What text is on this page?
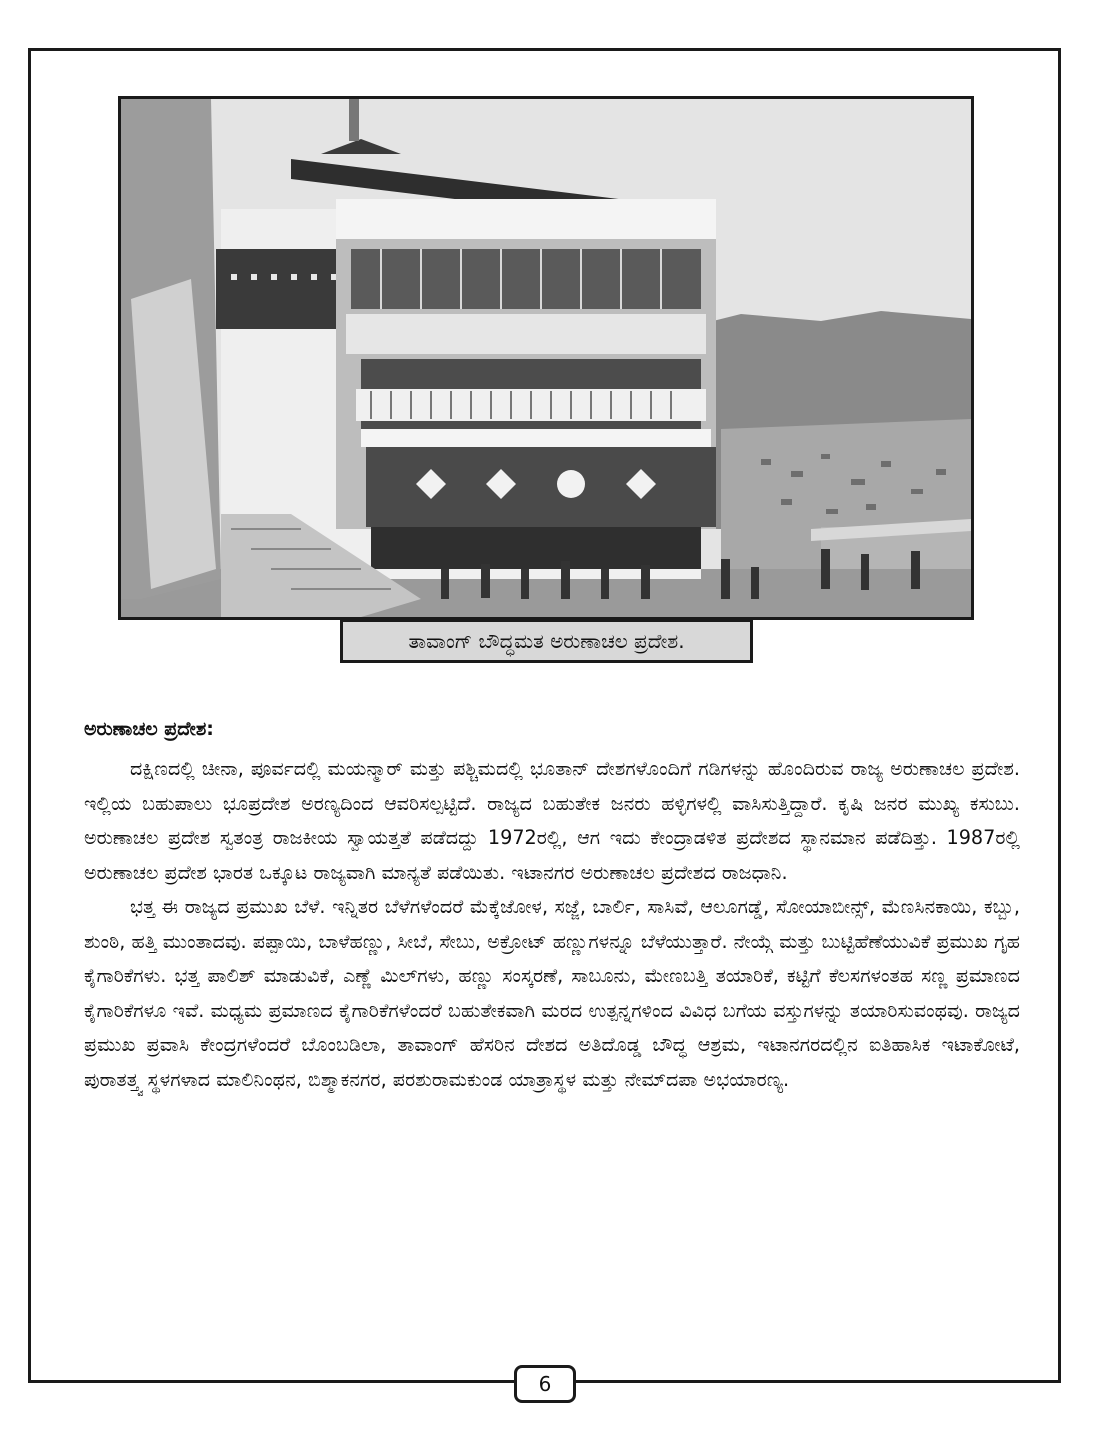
ತಾವಾಂಗ್ ಬೌದ್ಧಮತ ಅರುಣಾಚಲ ಪ್ರದೇಶ.
ಅರುಣಾಚಲ ಪ್ರದೇಶ:

ದಕ್ಷಿಣದಲ್ಲಿ ಚೀನಾ, ಪೂರ್ವದಲ್ಲಿ ಮಯನ್ಮಾರ್ ಮತ್ತು ಪಶ್ಚಿಮದಲ್ಲಿ ಭೂತಾನ್ ದೇಶಗಳೊಂದಿಗೆ ಗಡಿಗಳನ್ನು ಹೊಂದಿರುವ ರಾಜ್ಯ ಅರುಣಾಚಲ ಪ್ರದೇಶ. ಇಲ್ಲಿಯ ಬಹುಪಾಲು ಭೂಪ್ರದೇಶ ಅರಣ್ಯದಿಂದ ಆವರಿಸಲ್ಪಟ್ಟಿದೆ. ರಾಜ್ಯದ ಬಹುತೇಕ ಜನರು ಹಳ್ಳಿಗಳಲ್ಲಿ ವಾಸಿಸುತ್ತಿದ್ದಾರೆ. ಕೃಷಿ ಜನರ ಮುಖ್ಯ ಕಸುಬು. ಅರುಣಾಚಲ ಪ್ರದೇಶ ಸ್ವತಂತ್ರ ರಾಜಕೀಯ ಸ್ವಾಯತ್ತತೆ ಪಡೆದದ್ದು 1972ರಲ್ಲಿ, ಆಗ ಇದು ಕೇಂದ್ರಾಡಳಿತ ಪ್ರದೇಶದ ಸ್ಥಾನಮಾನ ಪಡೆದಿತ್ತು. 1987ರಲ್ಲಿ ಅರುಣಾಚಲ ಪ್ರದೇಶ ಭಾರತ ಒಕ್ಕೂಟ ರಾಜ್ಯವಾಗಿ ಮಾನ್ಯತೆ ಪಡೆಯಿತು. ಇಟಾನಗರ ಅರುಣಾಚಲ ಪ್ರದೇಶದ ರಾಜಧಾನಿ.

ಭತ್ತ ಈ ರಾಜ್ಯದ ಪ್ರಮುಖ ಬೆಳೆ. ಇನ್ನಿತರ ಬೆಳೆಗಳೆಂದರೆ ಮೆಕ್ಕೆಜೋಳ, ಸಜ್ಜೆ, ಬಾರ್ಲಿ, ಸಾಸಿವೆ, ಆಲೂಗಡ್ಡೆ, ಸೋಯಾಬೀನ್ಸ್, ಮೆಣಸಿನಕಾಯಿ, ಕಬ್ಬು, ಶುಂಠಿ, ಹತ್ತಿ ಮುಂತಾದವು. ಪಪ್ಪಾಯಿ, ಬಾಳೆಹಣ್ಣು, ಸೀಬೆ, ಸೇಬು, ಅಕ್ರೋಟ್ ಹಣ್ಣುಗಳನ್ನೂ ಬೆಳೆಯುತ್ತಾರೆ. ನೇಯ್ಗೆ ಮತ್ತು ಬುಟ್ಟಿಹೆಣೆಯುವಿಕೆ ಪ್ರಮುಖ ಗೃಹ ಕೈಗಾರಿಕೆಗಳು. ಭತ್ತ ಪಾಲಿಶ್ ಮಾಡುವಿಕೆ, ಎಣ್ಣೆ ಮಿಲ್‌ಗಳು, ಹಣ್ಣು ಸಂಸ್ಕರಣೆ, ಸಾಬೂನು, ಮೇಣಬತ್ತಿ ತಯಾರಿಕೆ, ಕಟ್ಟಿಗೆ ಕೆಲಸಗಳಂತಹ ಸಣ್ಣ ಪ್ರಮಾಣದ ಕೈಗಾರಿಕೆಗಳೂ ಇವೆ. ಮಧ್ಯಮ ಪ್ರಮಾಣದ ಕೈಗಾರಿಕೆಗಳೆಂದರೆ ಬಹುತೇಕವಾಗಿ ಮರದ ಉತ್ಪನ್ನಗಳಿಂದ ವಿವಿಧ ಬಗೆಯ ವಸ್ತುಗಳನ್ನು ತಯಾರಿಸುವಂಥವು. ರಾಜ್ಯದ ಪ್ರಮುಖ ಪ್ರವಾಸಿ ಕೇಂದ್ರಗಳೆಂದರೆ ಬೊಂಬಡಿಲಾ, ತಾವಾಂಗ್ ಹೆಸರಿನ ದೇಶದ ಅತಿದೊಡ್ಡ ಬೌದ್ಧ ಆಶ್ರಮ, ಇಟಾನಗರದಲ್ಲಿನ ಐತಿಹಾಸಿಕ ಇಟಾಕೋಟೆ, ಪುರಾತತ್ತ್ವ ಸ್ಥಳಗಳಾದ ಮಾಲಿನಿಂಥನ, ಬಿಶ್ಮಾಕನಗರ, ಪರಶುರಾಮಕುಂಡ ಯಾತ್ರಾಸ್ಥಳ ಮತ್ತು ನೇಮ್‌ದಪಾ ಅಭಯಾರಣ್ಯ.

6
